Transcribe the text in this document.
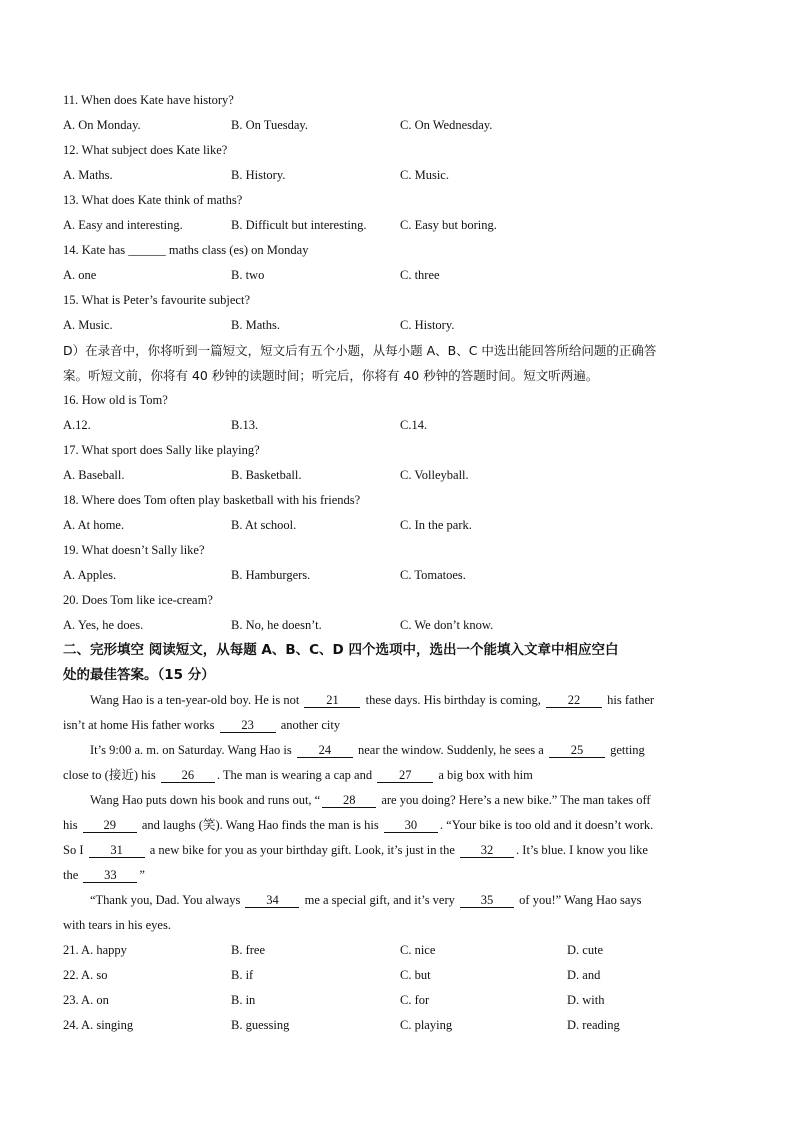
11. When does Kate have history?
A. On Monday.	B. On Tuesday.	C. On Wednesday.
12. What subject does Kate like?
A. Maths.	B. History.	C. Music.
13. What does Kate think of maths?
A. Easy and interesting.	B. Difficult but interesting.	C. Easy but boring.
14. Kate has ______ maths class (es) on Monday
A. one	B. two	C. three
15. What is Peter’s favourite subject?
A. Music.	B. Maths.	C. History.
D）在录音中，你将听到一篇短文，短文后有五个小题，从每小题 A、B、C 中选出能回答所给问题的正确答
案。听短文前，你将有 40 秒钟的读题时间；听完后，你将有 40 秒钟的答题时间。短文听两遍。
16. How old is Tom?
A.12.	B.13.	C.14.
17. What sport does Sally like playing?
A. Baseball.	B. Basketball.	C. Volleyball.
18. Where does Tom often play basketball with his friends?
A. At home.	B. At school.	C. In the park.
19. What doesn’t Sally like?
A. Apples.	B. Hamburgers.	C. Tomatoes.
20. Does Tom like ice-cream?
A. Yes, he does.	B. No, he doesn’t.	C. We don’t know.
二、完形填空 阅读短文，从每题 A、B、C、D 四个选项中，选出一个能填入文章中相应空白
处的最佳答案。（15 分）
Wang Hao is a ten-year-old boy. He is not 21 these days. His birthday is coming, 22 his father
isn’t at home His father works 23 another city
It’s 9:00 a. m. on Saturday. Wang Hao is 24 near the window. Suddenly, he sees a 25 getting
close to (接近) his 26 . The man is wearing a cap and 27 a big box with him
Wang Hao puts down his book and runs out, “ 28 are you doing? Here’s a new bike.” The man takes off
his 29 and laughs (笑). Wang Hao finds the man is his 30 . “Your bike is too old and it doesn’t work.
So I 31 a new bike for you as your birthday gift. Look, it’s just in the 32 . It’s blue. I know you like
the 33 ”
“Thank you, Dad. You always 34 me a special gift, and it’s very 35 of you!” Wang Hao says
with tears in his eyes.
21. A. happy	B. free	C. nice	D. cute
22. A. so	B. if	C. but	D. and
23. A. on	B. in	C. for	D. with
24. A. singing	B. guessing	C. playing	D. reading
